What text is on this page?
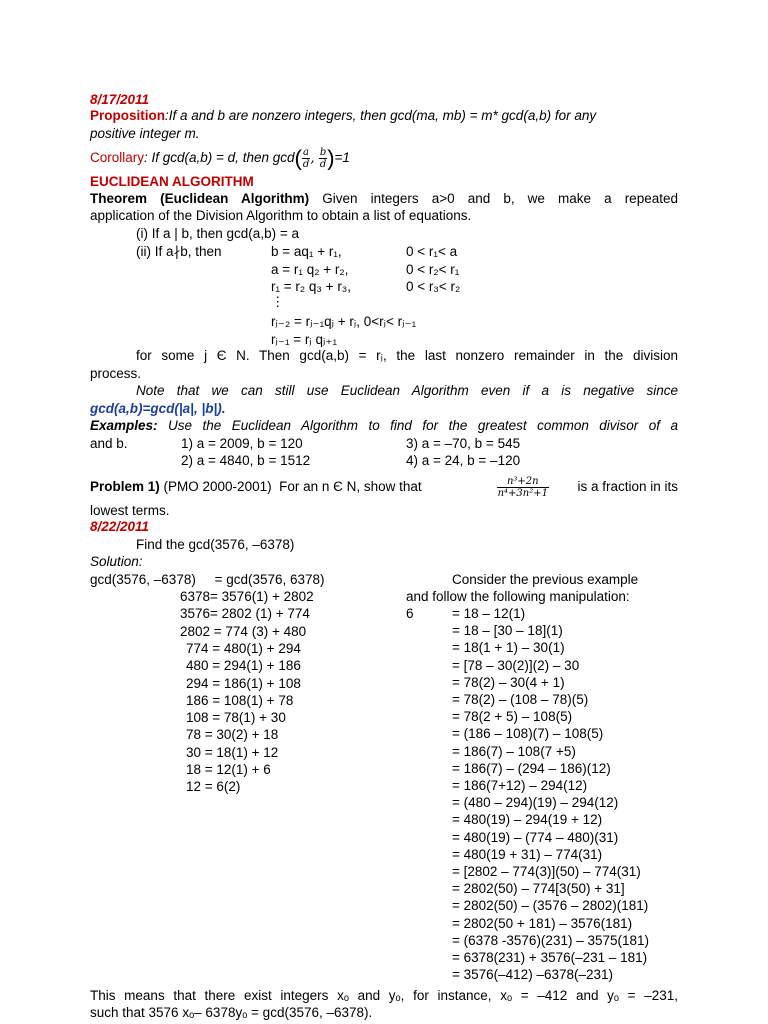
8/17/2011
Proposition:If a and b are nonzero integers, then gcd(ma, mb) = m* gcd(a,b) for any
positive integer m.
Corollary: If gcd(a,b) = d, then $\gcd( \frac{a}{d}$ , $\frac{b}{d} )=1$
EUCLIDEAN ALGORITHM
Theorem (Euclidean Algorithm) Given integers a>0 and b, we make a repeated
application of the Division Algorithm to obtain a list of equations.
(i) If a | b, then gcd(a,b) = a
(ii) If a∤b, then	b = aq₁ + r₁,	0 < r₁< a
a = r₁ q₂ + r₂,	0 < r₂< r₁
r₁ = r₂ q₃ + r₃,	0 < r₃< r₂
⋮
rⱼ₋₂ = rⱼ₋₁qⱼ + rⱼ, 0<rⱼ< rⱼ₋₁
rⱼ₋₁ = rⱼ qⱼ₊₁
for some j Є N. Then gcd(a,b) = rⱼ, the last nonzero remainder in the division
process.
Note that we can still use Euclidean Algorithm even if a is negative since
gcd(a,b)=gcd(|a|, |b|).
Examples: Use the Euclidean Algorithm to find for the greatest common divisor of a
and b.	1) a = 2009, b = 120	3) a = –70, b = 545
2) a = 4840, b = 1512	4) a = 24, b = –120
Problem 1) (PMO 2000-2001)  For an n Є N, show that	$\frac{\text{n³+2n}}{\text{n⁴+3n²+1}}$ is a fraction in its
lowest terms.
8/22/2011
Find the gcd(3576, –6378)
Solution:
gcd(3576, –6378)     = gcd(3576, 6378)	Consider the previous example
and follow the following manipulation:
6
6378= 3576(1) + 2802
3576= 2802 (1) + 774
2802 = 774 (3) + 480
774 = 480(1) + 294
480 = 294(1) + 186
294 = 186(1) + 108
186 = 108(1) + 78
108 = 78(1) + 30
78 = 30(2) + 18
30 = 18(1) + 12
18 = 12(1) + 6
12 = 6(2)
= 18 – 12(1)
= 18 – [30 – 18](1)
= 18(1 + 1) – 30(1)
= [78 – 30(2)](2) – 30
= 78(2) – 30(4 + 1)
= 78(2) – (108 – 78)(5)
= 78(2 + 5) – 108(5)
= (186 – 108)(7) – 108(5)
= 186(7) – 108(7 +5)
= 186(7) – (294 – 186)(12)
= 186(7+12) – 294(12)
= (480 – 294)(19) – 294(12)
= 480(19) – 294(19 + 12)
= 480(19) – (774 – 480)(31)
= 480(19 + 31) – 774(31)
= [2802 – 774(3)](50) – 774(31)
= 2802(50) – 774[3(50) + 31]
= 2802(50) – (3576 – 2802)(181)
= 2802(50 + 181) – 3576(181)
= (6378 -3576)(231) – 3575(181)
= 6378(231) + 3576(–231 – 181)
= 3576(–412) –6378(–231)
This means that there exist integers xₒ and yₒ, for instance, xₒ = –412 and yₒ = –231,
such that 3576 xₒ– 6378yₒ = gcd(3576, –6378).
